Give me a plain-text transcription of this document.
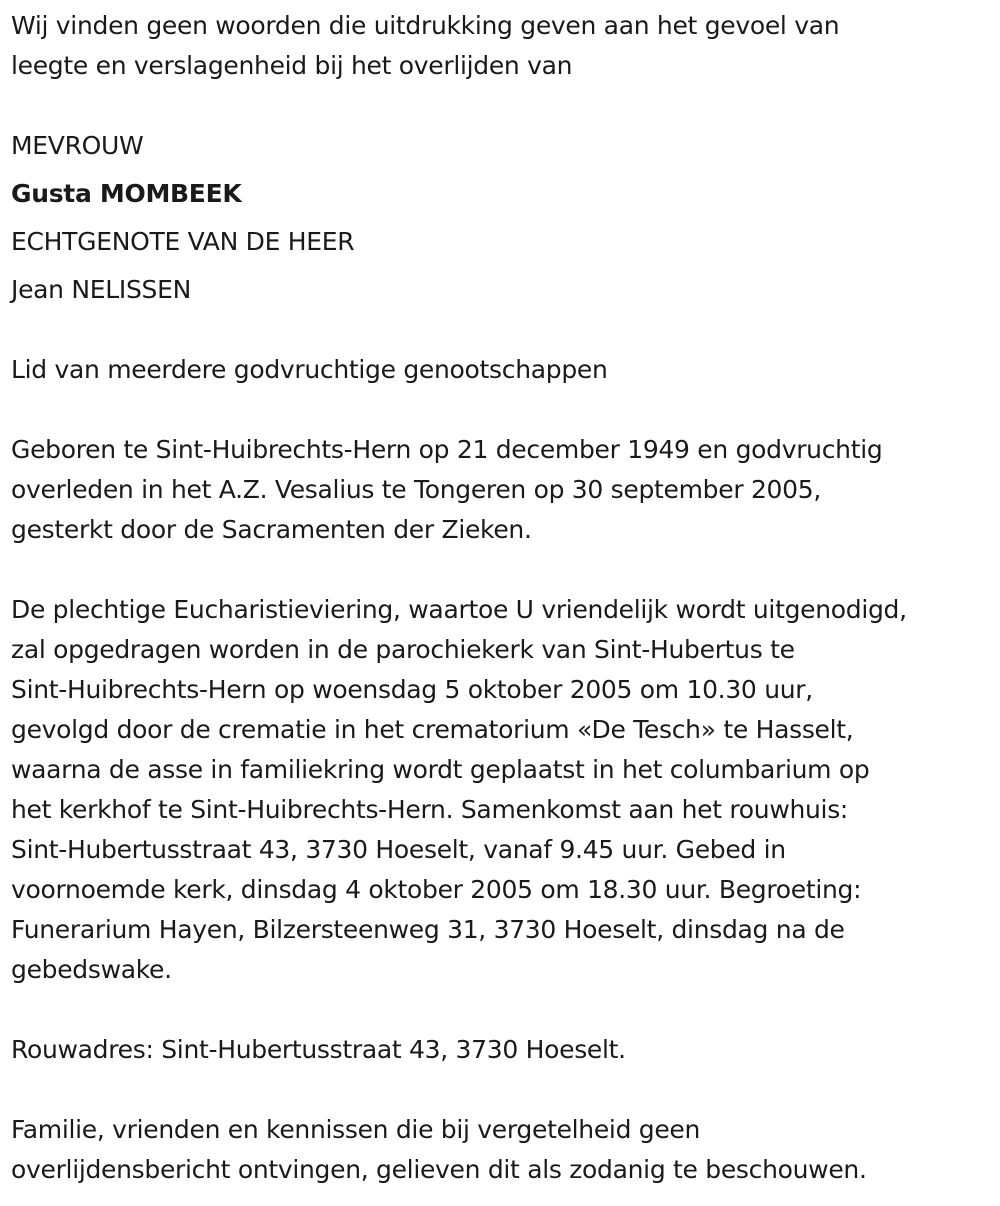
Wij vinden geen woorden die uitdrukking geven aan het gevoel van
leegte en verslagenheid bij het overlijden van
MEVROUW
Gusta MOMBEEK
ECHTGENOTE VAN DE HEER
Jean NELISSEN
Lid van meerdere godvruchtige genootschappen
Geboren te Sint-Huibrechts-Hern op 21 december 1949 en godvruchtig
overleden in het A.Z. Vesalius te Tongeren op 30 september 2005,
gesterkt door de Sacramenten der Zieken.
De plechtige Eucharistieviering, waartoe U vriendelijk wordt uitgenodigd,
zal opgedragen worden in de parochiekerk van Sint-Hubertus te
Sint-Huibrechts-Hern op woensdag 5 oktober 2005 om 10.30 uur,
gevolgd door de crematie in het crematorium «De Tesch» te Hasselt,
waarna de asse in familiekring wordt geplaatst in het columbarium op
het kerkhof te Sint-Huibrechts-Hern. Samenkomst aan het rouwhuis:
Sint-Hubertusstraat 43, 3730 Hoeselt, vanaf 9.45 uur. Gebed in
voornoemde kerk, dinsdag 4 oktober 2005 om 18.30 uur. Begroeting:
Funerarium Hayen, Bilzersteenweg 31, 3730 Hoeselt, dinsdag na de
gebedswake.
Rouwadres: Sint-Hubertusstraat 43, 3730 Hoeselt.
Familie, vrienden en kennissen die bij vergetelheid geen
overlijdensbericht ontvingen, gelieven dit als zodanig te beschouwen.
